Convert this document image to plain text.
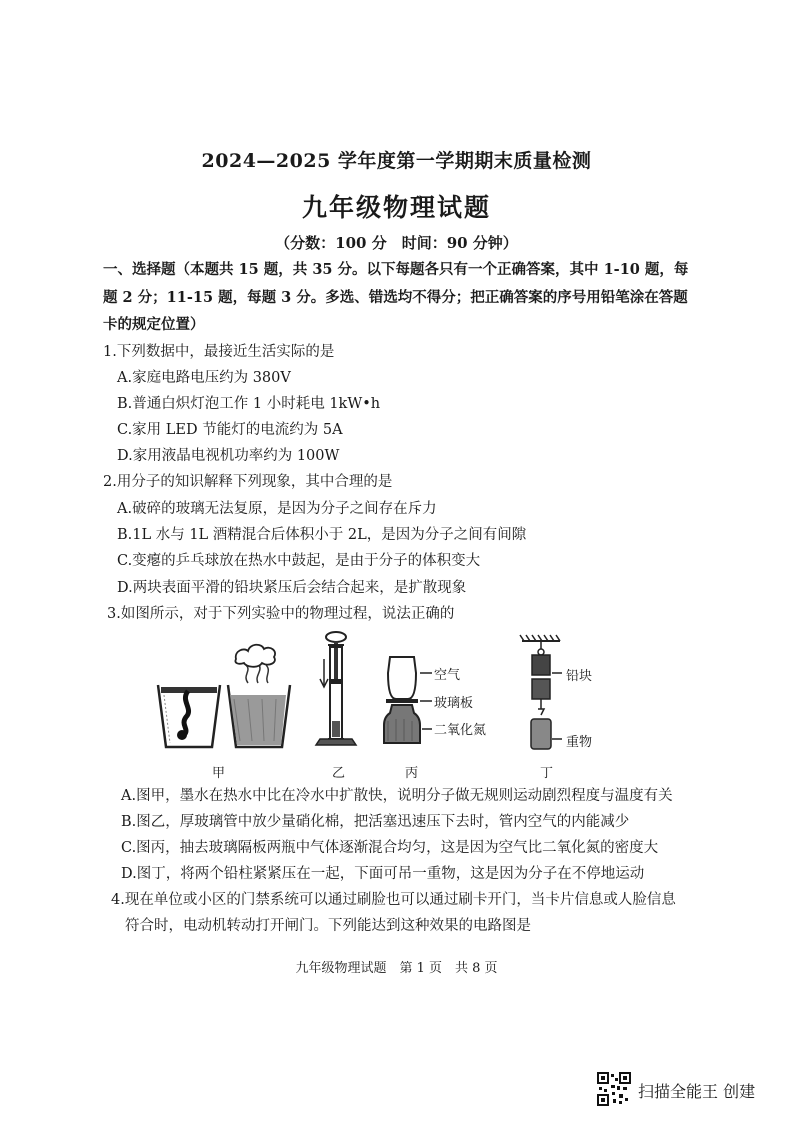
2024—2025 学年度第一学期期末质量检测
九年级物理试题
（分数：100 分　时间：90 分钟）
一、选择题（本题共 15 题，共 35 分。以下每题各只有一个正确答案，其中 1-10 题，每
题 2 分；11-15 题，每题 3 分。多选、错选均不得分；把正确答案的序号用铅笔涂在答题
卡的规定位置）
1.下列数据中，最接近生活实际的是
A.家庭电路电压约为 380V
B.普通白炽灯泡工作 1 小时耗电 1kW•h
C.家用 LED 节能灯的电流约为 5A
D.家用液晶电视机功率约为 100W
2.用分子的知识解释下列现象，其中合理的是
A.破碎的玻璃无法复原，是因为分子之间存在斥力
B.1L 水与 1L 酒精混合后体积小于 2L，是因为分子之间有间隙
C.变瘪的乒乓球放在热水中鼓起，是由于分子的体积变大
D.两块表面平滑的铅块紧压后会结合起来，是扩散现象
3.如图所示，对于下列实验中的物理过程，说法正确的
空气
玻璃板
二氧化氮
铅块
重物
甲	乙	丙	丁
A.图甲，墨水在热水中比在冷水中扩散快，说明分子做无规则运动剧烈程度与温度有关
B.图乙，厚玻璃管中放少量硝化棉，把活塞迅速压下去时，管内空气的内能减少
C.图丙，抽去玻璃隔板两瓶中气体逐渐混合均匀，这是因为空气比二氧化氮的密度大
D.图丁，将两个铅柱紧紧压在一起，下面可吊一重物，这是因为分子在不停地运动
4.现在单位或小区的门禁系统可以通过刷脸也可以通过刷卡开门，当卡片信息或人脸信息
符合时，电动机转动打开闸门。下列能达到这种效果的电路图是
九年级物理试题　第 1 页　共 8 页
扫描全能王 创建
